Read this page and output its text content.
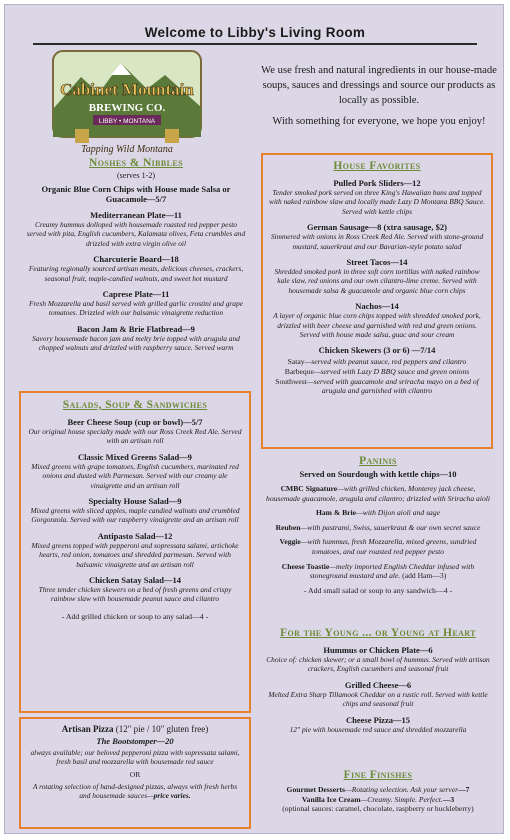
Welcome to Libby's Living Room
Cabinet Mountain
BREWING CO.
LIBBY • MONTANA
Tapping Wild Montana

We use fresh and natural ingredients in our house-made soups, sauces and dressings and source our products as locally as possible.

With something for everyone, we hope you enjoy!

Noshes & Nibbles

(serves 1-2)

Organic Blue Corn Chips with House made Salsa or Guacamole—5/7

Mediterranean Plate—11

Creamy hummus dolloped with housemade roasted red pepper pesto served with pita, English cucumbers, Kalamata olives, Feta crumbles and drizzled with extra virgin olive oil

Charcuterie Board—18

Featuring regionally sourced artisan meats, delicious cheeses, crackers, seasonal fruit, maple-candied walnuts, and sweet hot mustard

Caprese Plate—11

Fresh Mozzarella and basil served with grilled garlic crostini and grape tomatoes. Drizzled with our balsamic vinaigrette reduction

Bacon Jam & Brie Flatbread—9

Savory housemade bacon jam and melty brie topped with arugula and chopped walnuts and drizzled with raspberry sauce. Served warm

Salads, Soup & Sandwiches

Beer Cheese Soup (cup or bowl)—5/7

Our original house specialty made with our Ross Creek Red Ale. Served with an artisan roll

Classic Mixed Greens Salad—9

Mixed greens with grape tomatoes, English cucumbers, marinated red onions and dusted with Parmesan. Served with our creamy ale vinaigrette and an artisan roll

Specialty House Salad—9

Mixed greens with sliced apples, maple candied walnuts and crumbled Gorgonzola. Served with our raspberry vinaigrette and an artisan roll

Antipasto Salad—12

Mixed greens topped with pepperoni and sopressata salami, artichoke hearts, red onion, tomatoes and shredded parmesan. Served with balsamic vinaigrette and an artisan roll

Chicken Satay Salad—14

Three tender chicken skewers on a bed of fresh greens and crispy rainbow slaw with housemade peanut sauce and cilantro

- Add grilled chicken or soup to any salad—4 -

Artisan Pizza (12" pie / 10" gluten free)

The Bootstomper—20

always available; our beloved pepperoni pizza with sopressata salami, fresh basil and mozzarella with housemade red sauce

OR

A rotating selection of hand-designed pizzas, always with fresh herbs and housemade sauces—price varies.

House Favorites

Pulled Pork Sliders—12

Tender smoked pork served on three King's Hawaiian buns and topped with naked rainbow slaw and locally made Lazy D Montana BBQ Sauce. Served with kettle chips

German Sausage—8 (xtra sausage, $2)

Simmered with onions in Ross Creek Red Ale. Served with stone-ground mustard, sauerkraut and our Bavarian-style potato salad

Street Tacos—14

Shredded smoked pork in three soft corn tortillas with naked rainbow kale slaw, red onions and our own cilantro-lime creme. Served with housemade salsa & guacamole and organic blue corn chips

Nachos—14

A layer of organic blue corn chips topped with shredded smoked pork, drizzled with beer cheese and garnished with red and green onions. Served with house made salsa, guac and sour cream

Chicken Skewers (3 or 6) —7/14

Satay—served with peanut sauce, red peppers and cilantro

Barbeque—served with Lazy D BBQ sauce and green onions

Southwest—served with guacamole and sriracha mayo on a bed of arugula and garnished with cilantro

Paninis

Served on Sourdough with kettle chips—10

CMBC Signature—with grilled chicken, Monterey jack cheese, housemade guacamole, arugula and cilantro; drizzled with Sriracha aioli

Ham & Brie—with Dijon aioli and sage

Reuben—with pastrami, Swiss, sauerkraut & our own secret sauce

Veggie—with hummus, fresh Mozzarella, mixed greens, sundried tomatoes, and our roasted red pepper pesto

Cheese Toastie—melty imported English Cheddar infused with stoneground mustard and ale. (add Ham—3)

- Add small salad or soup to any sandwich—4 -

For the Young ... or Young at Heart

Hummus or Chicken Plate—6

Choice of: chicken skewer; or a small bowl of hummus. Served with artisan crackers, English cucumbers and seasonal fruit

Grilled Cheese—6

Melted Extra Sharp Tillamook Cheddar on a rustic roll. Served with kettle chips and seasonal fruit

Cheese Pizza—15

12" pie with housemade red sauce and shredded mozzarella

Fine Finishes

Gourmet Desserts—Rotating selection. Ask your server—7

Vanilla Ice Cream—Creamy. Simple. Perfect.—3

(optional sauces: caramel, chocolate, raspberry or huckleberry)
